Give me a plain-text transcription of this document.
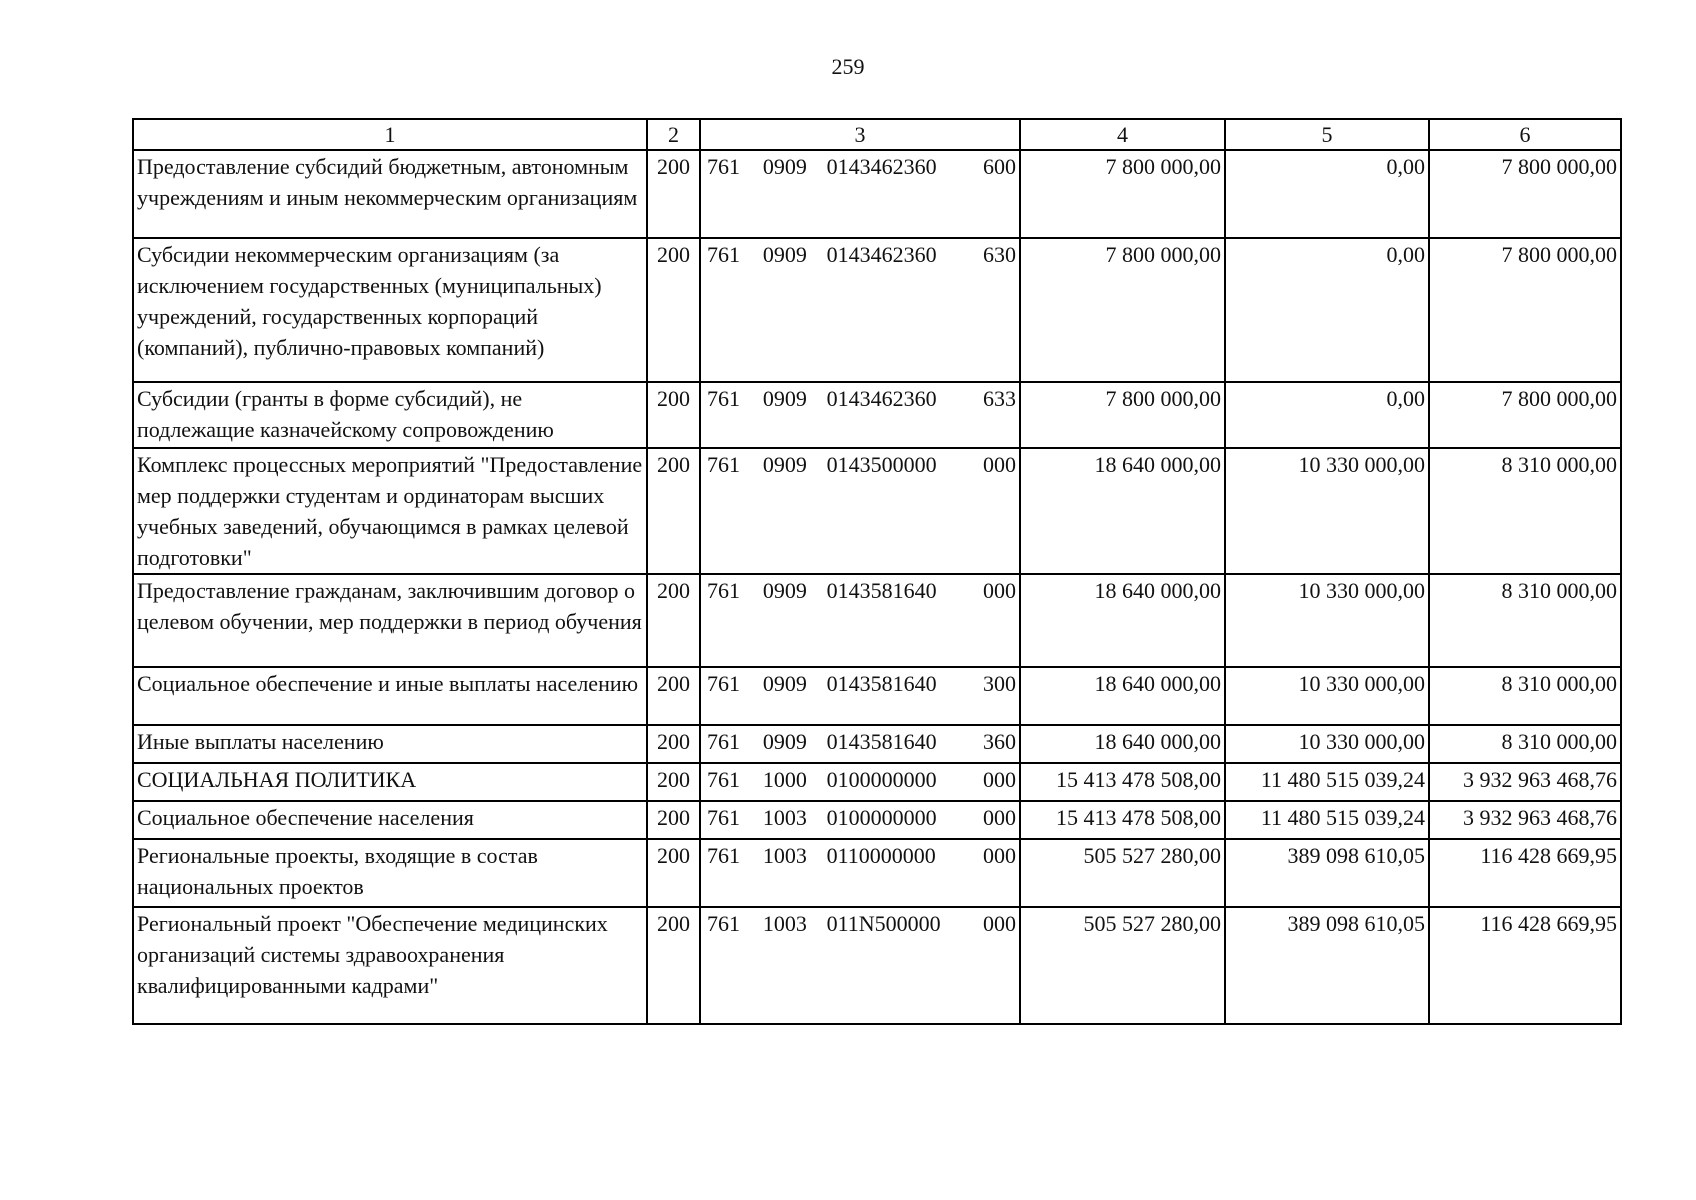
259
1	2	3	4	5	6
Предоставление субсидий бюджетным, автономным учреждениям и иным некоммерческим организациям	200	761 0909 0143462360 600	7 800 000,00	0,00	7 800 000,00
Субсидии некоммерческим организациям (за исключением государственных (муниципальных) учреждений, государственных корпораций (компаний), публично-правовых компаний)	200	761 0909 0143462360 630	7 800 000,00	0,00	7 800 000,00
Субсидии (гранты в форме субсидий), не подлежащие казначейскому сопровождению	200	761 0909 0143462360 633	7 800 000,00	0,00	7 800 000,00
Комплекс процессных мероприятий "Предоставление мер поддержки студентам и ординаторам высших учебных заведений, обучающимся в рамках целевой подготовки"	200	761 0909 0143500000 000	18 640 000,00	10 330 000,00	8 310 000,00
Предоставление гражданам, заключившим договор о целевом обучении, мер поддержки в период обучения	200	761 0909 0143581640 000	18 640 000,00	10 330 000,00	8 310 000,00
Социальное обеспечение и иные выплаты населению	200	761 0909 0143581640 300	18 640 000,00	10 330 000,00	8 310 000,00
Иные выплаты населению	200	761 0909 0143581640 360	18 640 000,00	10 330 000,00	8 310 000,00
СОЦИАЛЬНАЯ ПОЛИТИКА	200	761 1000 0100000000 000	15 413 478 508,00	11 480 515 039,24	3 932 963 468,76
Социальное обеспечение населения	200	761 1003 0100000000 000	15 413 478 508,00	11 480 515 039,24	3 932 963 468,76
Региональные проекты, входящие в состав национальных проектов	200	761 1003 0110000000 000	505 527 280,00	389 098 610,05	116 428 669,95
Региональный проект "Обеспечение медицинских организаций системы здравоохранения квалифицированными кадрами"	200	761 1003 011N500000 000	505 527 280,00	389 098 610,05	116 428 669,95
